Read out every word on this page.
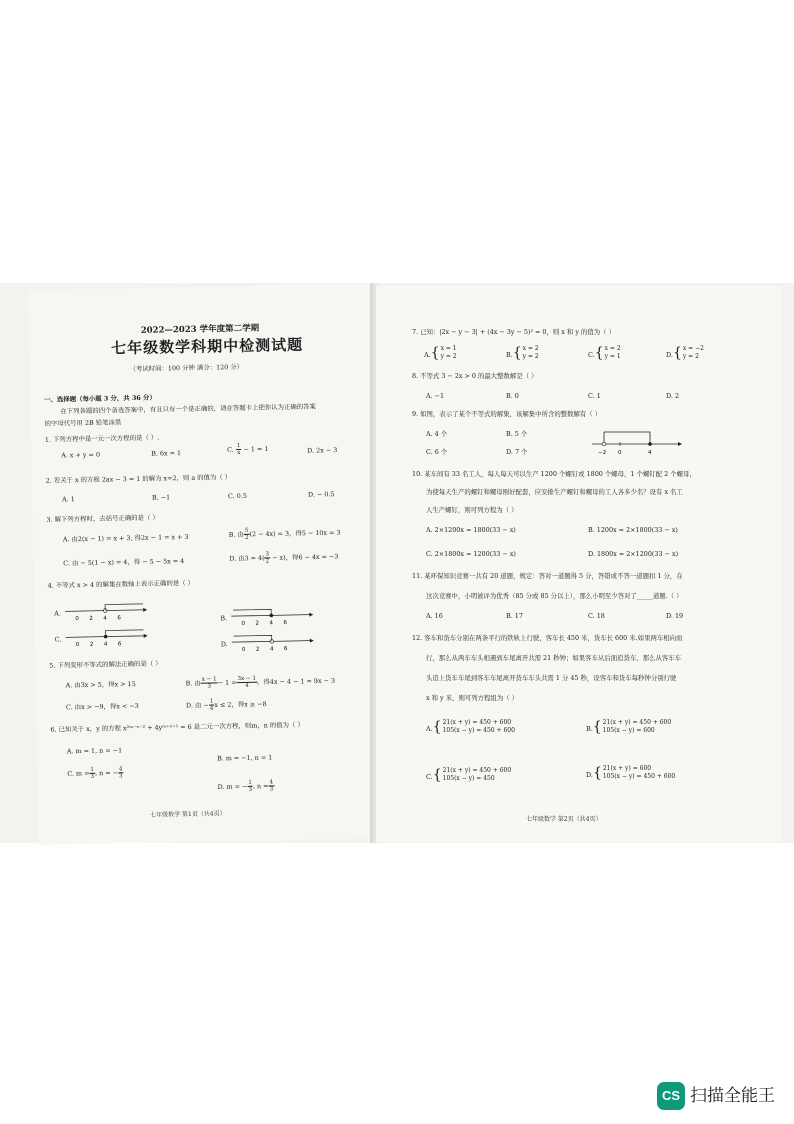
2022—2023 学年度第二学期
七年级数学科期中检测试题
（考试时间：100 分钟 满分：120 分）
一、选择题（每小题 3 分，共 36 分）
在下列各题的四个备选答案中，有且只有一个是正确的，请在答题卡上把你认为正确的答案
的字母代号用 2B 铅笔涂黑
1. 下列方程中是一元一次方程的是（ ）.
A. x + y = 0	B. 6x = 1	C. $\frac{1}{x} - 1 = 1$	D. 2x − 3
2. 若关于 x 的方程 2ax − 3 = 1 的解为 x=2，则 a 的值为（ ）
A. 1	B. −1	C. 0.5	D. − 0.5
3. 解下列方程时，去括号正确的是（ ）
A. 由2(x − 1) = x + 3, 得2x − 1 = x + 3	B. 由 $\frac{5}{2} (2 - 4x) = 3$，得5 − 10x = 3
C. 由 − 5(1 − x) = 4，得 − 5 − 5x = 4	D. 由$3 = 4( \frac{3}{2} - x)$，得6 − 4x = −3
4. 不等式 x > 4 的解集在数轴上表示正确的是（ ）
A.
0 2 4 6	B.
0 2 4 6
C.
0 2 4 6	D.
0 2 4 6
5. 下列变形不等式的解法正确的是（ ）
A. 由3x > 5，得x > 15	B. 由 $\frac{x - 1}{3} - 1 = \frac{3x - 1}{4}$ ，得4x − 4 − 1 = 9x − 3
C. 由x > −9，得x < −3	D. 由 − $\frac{1}{4}$ x ≤ 2，得x ≥ −8
6. 已知关于 x，y 的方程 x²ᵐ⁻ⁿ⁻² + 4yᵐ⁺ⁿ⁺¹ = 6 是二元一次方程，则m，n 的值为（ ）
A. m = 1, n = −1
B. m = −1, n = 1
C. $m = \frac{1}{3}$ , n = − $\frac{4}{3}$
D. m = − $\frac{1}{3}$ , $n = \frac{4}{3}$
七年级数学 第1页（共4页）
7. 已知：|2x − y − 3| + (4x − 3y − 5)² = 0，则 x 和 y 的值为（ ）
A.{ x = 1
y = 2	B.{ x = 2
y = 2	C.{ x = 2
y = 1	D.{ x = −2
y = 2
8. 不等式 3 − 2x > 0 的最大整数解是（ ）
A. −1	B. 0	C. 1	D. 2
9. 如图，表示了某个不等式的解集，该解集中所含的整数解有（ ）
A. 4 个	B. 5 个
C. 6 个	D. 7 个	−2 0	4
10. 某车间有 33 名工人，每人每天可以生产 1200 个螺钉或 1800 个螺母，1 个螺钉配 2 个螺母，
为使每天生产的螺钉和螺母刚好配套，应安排生产螺钉和螺母的工人各多少名？设有 x 名工
人生产螺钉，则可列方程为（ ）
A. 2×1200x = 1800(33 − x)	B. 1200x = 2×1800(33 − x)
C. 2×1800x = 1200(33 − x)	D. 1800x = 2×1200(33 − x)
11. 某环保知识竞赛一共有 20 道题，规定：答对一道题得 5 分，答错或不答一道题扣 1 分，在
这次竞赛中，小明被评为优秀（85 分或 85 分以上），那么小明至少答对了_____道题.（ ）
A. 16	B. 17	C. 18	D. 19
12. 客车和货车分别在两条平行的铁轨上行驶，客车长 450 米，货车长 600 米.如果两车相向而
行，那么从两车车头相遇到车尾离开共需 21 秒钟；如果客车从后面追货车，那么从客车车
头追上货车车尾到客车车尾离开货车车头共需 1 分 45 秒，设客车和货车每秒钟分别行驶
x 和 y 米，则可列方程组为（ ）
A.{ 21(x + y) = 450 + 600
105(x − y) = 450 + 600	B.{ 21(x + y) = 450 + 600
105(x − y) = 600
C.{ 21(x + y) = 450 + 600
105(x − y) = 450	D.{ 21(x + y) = 600
105(x − y) = 450 + 600
七年级数学 第2页（共4页）
CS 扫描全能王
